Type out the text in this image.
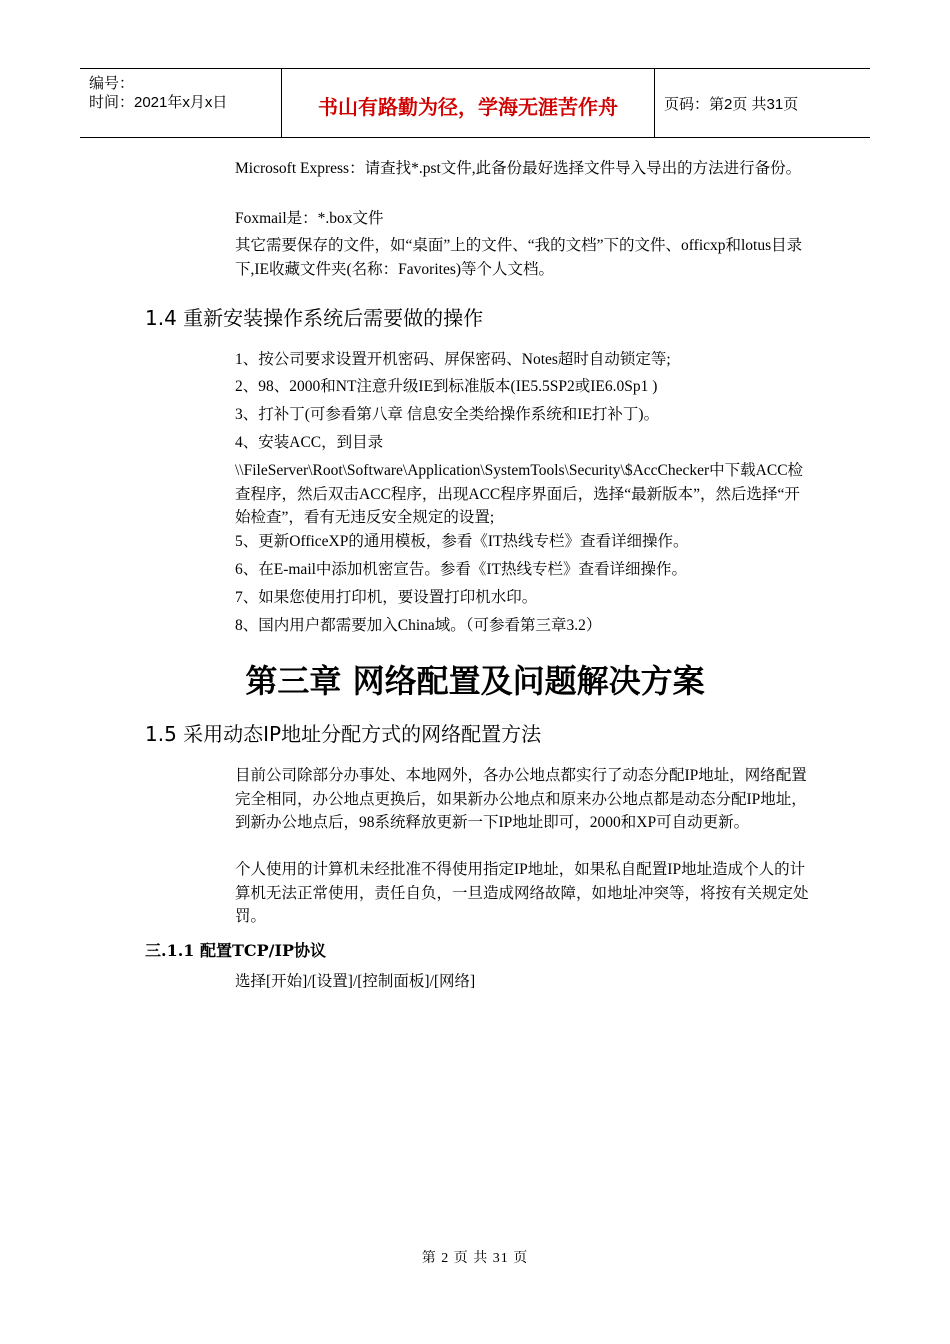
编号：
时间：2021年x月x日	书山有路勤为径，学海无涯苦作舟	页码：第2页 共31页
Microsoft Express：请查找*.pst文件,此备份最好选择文件导入导出的方法进行备份。
Foxmail是：*.box文件
其它需要保存的文件，如“桌面”上的文件、“我的文档”下的文件、officxp和lotus目录下,IE收藏文件夹(名称：Favorites)等个人文档。
1.4 重新安装操作系统后需要做的操作
1、按公司要求设置开机密码、屏保密码、Notes超时自动锁定等;
2、98、2000和NT注意升级IE到标准版本(IE5.5SP2或IE6.0Sp1 )
3、打补丁(可参看第八章 信息安全类给操作系统和IE打补丁)。
4、安装ACC，到目录
\\FileServer\Root\Software\Application\SystemTools\Security\$AccChecker中下载ACC检查程序，然后双击ACC程序，出现ACC程序界面后，选择“最新版本”，然后选择“开始检查”，看有无违反安全规定的设置;
5、更新OfficeXP的通用模板，参看《IT热线专栏》查看详细操作。
6、在E-mail中添加机密宣告。参看《IT热线专栏》查看详细操作。
7、如果您使用打印机，要设置打印机水印。
8、国内用户都需要加入China域。（可参看第三章3.2）
第三章 网络配置及问题解决方案
1.5 采用动态IP地址分配方式的网络配置方法
目前公司除部分办事处、本地网外，各办公地点都实行了动态分配IP地址，网络配置完全相同，办公地点更换后，如果新办公地点和原来办公地点都是动态分配IP地址，到新办公地点后，98系统释放更新一下IP地址即可，2000和XP可自动更新。
个人使用的计算机未经批准不得使用指定IP地址，如果私自配置IP地址造成个人的计算机无法正常使用，责任自负，一旦造成网络故障，如地址冲突等，将按有关规定处罚。
三.1.1 配置TCP/IP协议
选择[开始]/[设置]/[控制面板]/[网络]
第 2 页 共 31 页
